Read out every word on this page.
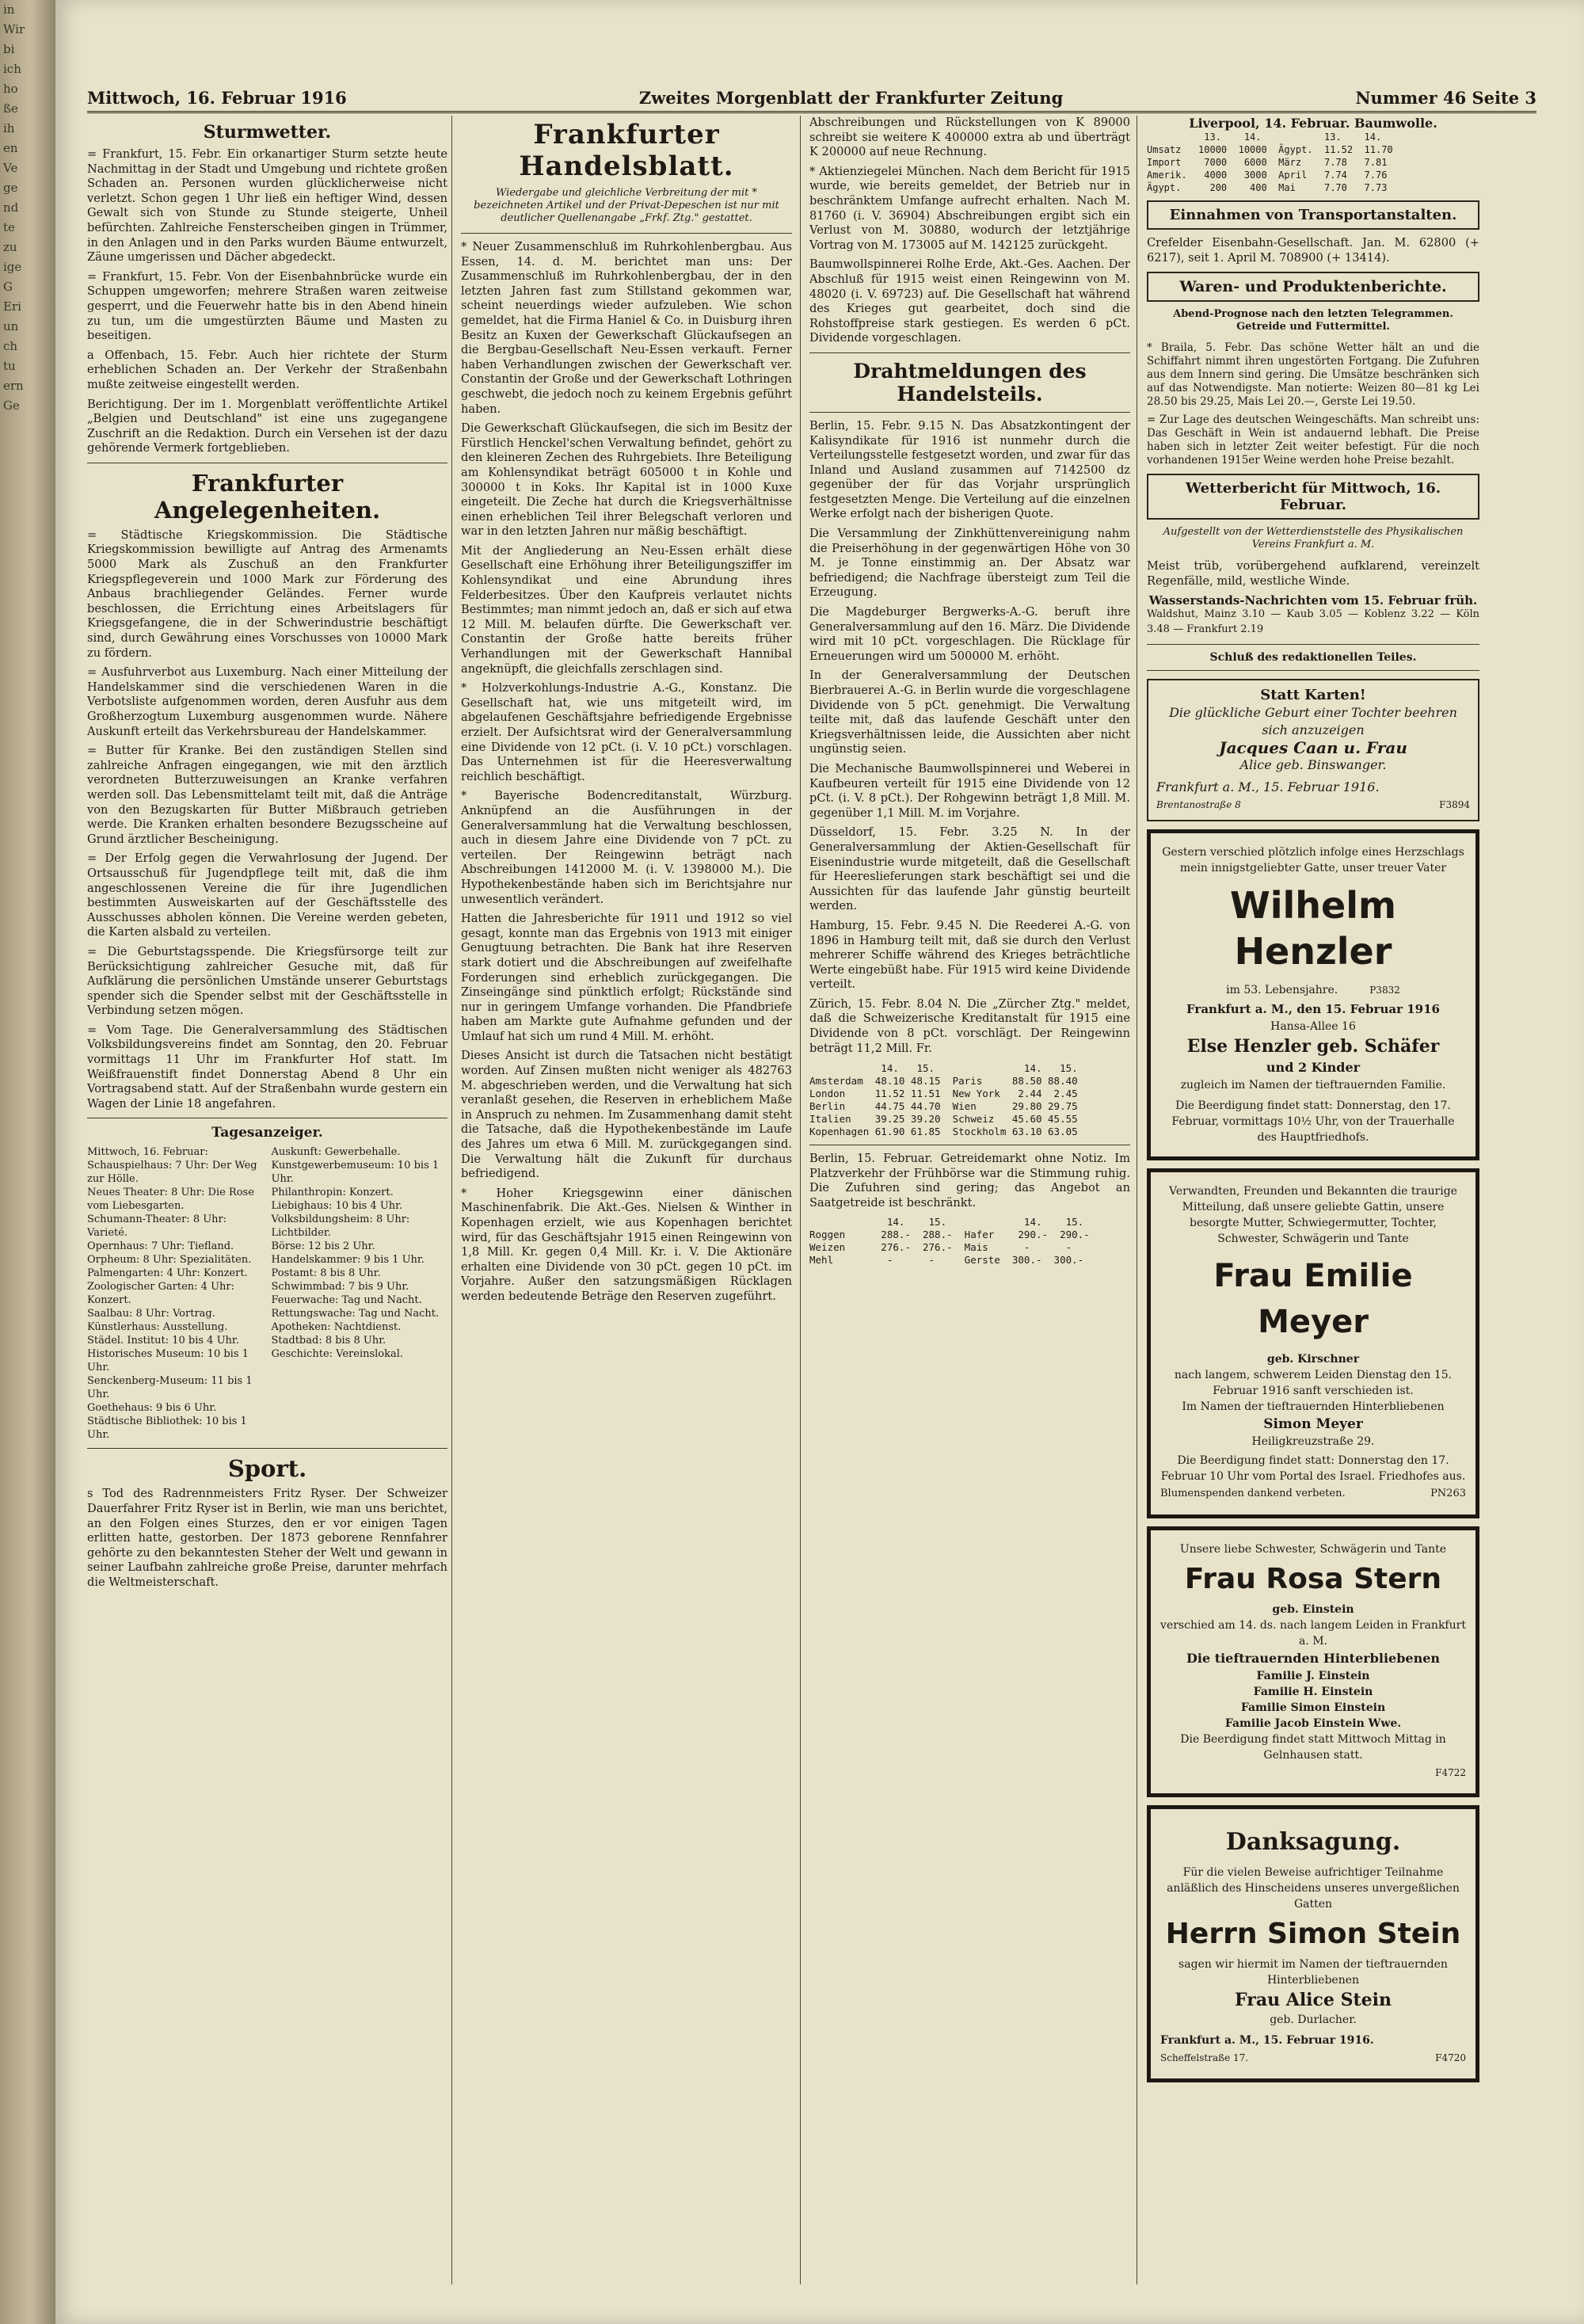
in
Wir
bi
ich
ho
ße
ih
en
Ve
ge
nd
te
zu
ige
G
Eri
un
ch
tu
ern
Ge
Mittwoch, 16. Februar 1916	Zweites Morgenblatt der Frankfurter Zeitung	Nummer 46 Seite 3
Sturmwetter.

= Frankfurt, 15. Febr. Ein orkanartiger Sturm setzte heute Nachmittag in der Stadt und Umgebung und richtete großen Schaden an. Personen wurden glücklicherweise nicht verletzt. Schon gegen 1 Uhr ließ ein heftiger Wind, dessen Gewalt sich von Stunde zu Stunde steigerte, Unheil befürchten. Zahlreiche Fensterscheiben gingen in Trümmer, in den Anlagen und in den Parks wurden Bäume entwurzelt, Zäune umgerissen und Dächer abgedeckt.

= Frankfurt, 15. Febr. Von der Eisenbahnbrücke wurde ein Schuppen umgeworfen; mehrere Straßen waren zeitweise gesperrt, und die Feuerwehr hatte bis in den Abend hinein zu tun, um die umgestürzten Bäume und Masten zu beseitigen.

a Offenbach, 15. Febr. Auch hier richtete der Sturm erheblichen Schaden an. Der Verkehr der Straßenbahn mußte zeitweise eingestellt werden.

Berichtigung. Der im 1. Morgenblatt veröffentlichte Artikel „Belgien und Deutschland" ist eine uns zugegangene Zuschrift an die Redaktion. Durch ein Versehen ist der dazu gehörende Vermerk fortgeblieben.

Frankfurter Angelegenheiten.

= Städtische Kriegskommission. Die Städtische Kriegskommission bewilligte auf Antrag des Armenamts 5000 Mark als Zuschuß an den Frankfurter Kriegspflegeverein und 1000 Mark zur Förderung des Anbaus brachliegender Geländes. Ferner wurde beschlossen, die Errichtung eines Arbeitslagers für Kriegsgefangene, die in der Schwerindustrie beschäftigt sind, durch Gewährung eines Vorschusses von 10000 Mark zu fördern.

= Ausfuhrverbot aus Luxemburg. Nach einer Mitteilung der Handelskammer sind die verschiedenen Waren in die Verbotsliste aufgenommen worden, deren Ausfuhr aus dem Großherzogtum Luxemburg ausgenommen wurde. Nähere Auskunft erteilt das Verkehrsbureau der Handelskammer.

= Butter für Kranke. Bei den zuständigen Stellen sind zahlreiche Anfragen eingegangen, wie mit den ärztlich verordneten Butterzuweisungen an Kranke verfahren werden soll. Das Lebensmittelamt teilt mit, daß die Anträge von den Bezugskarten für Butter Mißbrauch getrieben werde. Die Kranken erhalten besondere Bezugsscheine auf Grund ärztlicher Bescheinigung.

= Der Erfolg gegen die Verwahrlosung der Jugend. Der Ortsausschuß für Jugendpflege teilt mit, daß die ihm angeschlossenen Vereine die für ihre Jugendlichen bestimmten Ausweiskarten auf der Geschäftsstelle des Ausschusses abholen können. Die Vereine werden gebeten, die Karten alsbald zu verteilen.

= Die Geburtstagsspende. Die Kriegsfürsorge teilt zur Berücksichtigung zahlreicher Gesuche mit, daß für Aufklärung die persönlichen Umstände unserer Geburtstags spender sich die Spender selbst mit der Geschäftsstelle in Verbindung setzen mögen.

= Vom Tage. Die Generalversammlung des Städtischen Volksbildungsvereins findet am Sonntag, den 20. Februar vormittags 11 Uhr im Frankfurter Hof statt. Im Weißfrauenstift findet Donnerstag Abend 8 Uhr ein Vortragsabend statt. Auf der Straßenbahn wurde gestern ein Wagen der Linie 18 angefahren.

Tagesanzeiger.
Mittwoch, 16. Februar:
Schauspielhaus: 7 Uhr: Der Weg zur Hölle.
Neues Theater: 8 Uhr: Die Rose vom Liebesgarten.
Schumann-Theater: 8 Uhr: Varieté.
Opernhaus: 7 Uhr: Tiefland.
Orpheum: 8 Uhr: Spezialitäten.
Palmengarten: 4 Uhr: Konzert.
Zoologischer Garten: 4 Uhr: Konzert.
Saalbau: 8 Uhr: Vortrag.
Künstlerhaus: Ausstellung.
Städel. Institut: 10 bis 4 Uhr.
Historisches Museum: 10 bis 1 Uhr.
Senckenberg-Museum: 11 bis 1 Uhr.
Goethehaus: 9 bis 6 Uhr.
Städtische Bibliothek: 10 bis 1 Uhr.
Auskunft: Gewerbehalle.
Kunstgewerbemuseum: 10 bis 1 Uhr.
Philanthropin: Konzert.
Liebighaus: 10 bis 4 Uhr.
Volksbildungsheim: 8 Uhr: Lichtbilder.
Börse: 12 bis 2 Uhr.
Handelskammer: 9 bis 1 Uhr.
Postamt: 8 bis 8 Uhr.
Schwimmbad: 7 bis 9 Uhr.
Feuerwache: Tag und Nacht.
Rettungswache: Tag und Nacht.
Apotheken: Nachtdienst.
Stadtbad: 8 bis 8 Uhr.
Geschichte: Vereinslokal.
Sport.

s Tod des Radrennmeisters Fritz Ryser. Der Schweizer Dauerfahrer Fritz Ryser ist in Berlin, wie man uns berichtet, an den Folgen eines Sturzes, den er vor einigen Tagen erlitten hatte, gestorben. Der 1873 geborene Rennfahrer gehörte zu den bekanntesten Steher der Welt und gewann in seiner Laufbahn zahlreiche große Preise, darunter mehrfach die Weltmeisterschaft.

Frankfurter Handelsblatt.
Wiedergabe und gleichliche Verbreitung der mit * bezeichneten Artikel und der Privat-Depeschen ist nur mit deutlicher Quellenangabe „Frkf. Ztg." gestattet.

* Neuer Zusammenschluß im Ruhrkohlenbergbau. Aus Essen, 14. d. M. berichtet man uns: Der Zusammenschluß im Ruhrkohlenbergbau, der in den letzten Jahren fast zum Stillstand gekommen war, scheint neuerdings wieder aufzuleben. Wie schon gemeldet, hat die Firma Haniel & Co. in Duisburg ihren Besitz an Kuxen der Gewerkschaft Glückaufsegen an die Bergbau-Gesellschaft Neu-Essen verkauft. Ferner haben Verhandlungen zwischen der Gewerkschaft ver. Constantin der Große und der Gewerkschaft Lothringen geschwebt, die jedoch noch zu keinem Ergebnis geführt haben.

Die Gewerkschaft Glückaufsegen, die sich im Besitz der Fürstlich Henckel'schen Verwaltung befindet, gehört zu den kleineren Zechen des Ruhrgebiets. Ihre Beteiligung am Kohlensyndikat beträgt 605000 t in Kohle und 300000 t in Koks. Ihr Kapital ist in 1000 Kuxe eingeteilt. Die Zeche hat durch die Kriegsverhältnisse einen erheblichen Teil ihrer Belegschaft verloren und war in den letzten Jahren nur mäßig beschäftigt.

Mit der Angliederung an Neu-Essen erhält diese Gesellschaft eine Erhöhung ihrer Beteiligungsziffer im Kohlensyndikat und eine Abrundung ihres Felderbesitzes. Über den Kaufpreis verlautet nichts Bestimmtes; man nimmt jedoch an, daß er sich auf etwa 12 Mill. M. belaufen dürfte. Die Gewerkschaft ver. Constantin der Große hatte bereits früher Verhandlungen mit der Gewerkschaft Hannibal angeknüpft, die gleichfalls zerschlagen sind.

* Holzverkohlungs-Industrie A.-G., Konstanz. Die Gesellschaft hat, wie uns mitgeteilt wird, im abgelaufenen Geschäftsjahre befriedigende Ergebnisse erzielt. Der Aufsichtsrat wird der Generalversammlung eine Dividende von 12 pCt. (i. V. 10 pCt.) vorschlagen. Das Unternehmen ist für die Heeresverwaltung reichlich beschäftigt.

* Bayerische Bodencreditanstalt, Würzburg. Anknüpfend an die Ausführungen in der Generalversammlung hat die Verwaltung beschlossen, auch in diesem Jahre eine Dividende von 7 pCt. zu verteilen. Der Reingewinn beträgt nach Abschreibungen 1412000 M. (i. V. 1398000 M.). Die Hypothekenbestände haben sich im Berichtsjahre nur unwesentlich verändert.

Hatten die Jahresberichte für 1911 und 1912 so viel gesagt, konnte man das Ergebnis von 1913 mit einiger Genugtuung betrachten. Die Bank hat ihre Reserven stark dotiert und die Abschreibungen auf zweifelhafte Forderungen sind erheblich zurückgegangen. Die Zinseingänge sind pünktlich erfolgt; Rückstände sind nur in geringem Umfange vorhanden. Die Pfandbriefe haben am Markte gute Aufnahme gefunden und der Umlauf hat sich um rund 4 Mill. M. erhöht.

Dieses Ansicht ist durch die Tatsachen nicht bestätigt worden. Auf Zinsen mußten nicht weniger als 482763 M. abgeschrieben werden, und die Verwaltung hat sich veranlaßt gesehen, die Reserven in erheblichem Maße in Anspruch zu nehmen. Im Zusammenhang damit steht die Tatsache, daß die Hypothekenbestände im Laufe des Jahres um etwa 6 Mill. M. zurückgegangen sind. Die Verwaltung hält die Zukunft für durchaus befriedigend.

* Hoher Kriegsgewinn einer dänischen Maschinenfabrik. Die Akt.-Ges. Nielsen & Winther in Kopenhagen erzielt, wie aus Kopenhagen berichtet wird, für das Geschäftsjahr 1915 einen Reingewinn von 1,8 Mill. Kr. gegen 0,4 Mill. Kr. i. V. Die Aktionäre erhalten eine Dividende von 30 pCt. gegen 10 pCt. im Vorjahre. Außer den satzungsmäßigen Rücklagen werden bedeutende Beträge den Reserven zugeführt.

Abschreibungen und Rückstellungen von K 89000 schreibt sie weitere K 400000 extra ab und überträgt K 200000 auf neue Rechnung.

* Aktienziegelei München. Nach dem Bericht für 1915 wurde, wie bereits gemeldet, der Betrieb nur in beschränktem Umfange aufrecht erhalten. Nach M. 81760 (i. V. 36904) Abschreibungen ergibt sich ein Verlust von M. 30880, wodurch der letztjährige Vortrag von M. 173005 auf M. 142125 zurückgeht.

Baumwollspinnerei Rolhe Erde, Akt.-Ges. Aachen. Der Abschluß für 1915 weist einen Reingewinn von M. 48020 (i. V. 69723) auf. Die Gesellschaft hat während des Krieges gut gearbeitet, doch sind die Rohstoffpreise stark gestiegen. Es werden 6 pCt. Dividende vorgeschlagen.

Drahtmeldungen des Handelsteils.

Berlin, 15. Febr. 9.15 N. Das Absatzkontingent der Kalisyndikate für 1916 ist nunmehr durch die Verteilungsstelle festgesetzt worden, und zwar für das Inland und Ausland zusammen auf 7142500 dz gegenüber der für das Vorjahr ursprünglich festgesetzten Menge. Die Verteilung auf die einzelnen Werke erfolgt nach der bisherigen Quote.

Die Versammlung der Zinkhüttenvereinigung nahm die Preiserhöhung in der gegenwärtigen Höhe von 30 M. je Tonne einstimmig an. Der Absatz war befriedigend; die Nachfrage übersteigt zum Teil die Erzeugung.

Die Magdeburger Bergwerks-A.-G. beruft ihre Generalversammlung auf den 16. März. Die Dividende wird mit 10 pCt. vorgeschlagen. Die Rücklage für Erneuerungen wird um 500000 M. erhöht.

In der Generalversammlung der Deutschen Bierbrauerei A.-G. in Berlin wurde die vorgeschlagene Dividende von 5 pCt. genehmigt. Die Verwaltung teilte mit, daß das laufende Geschäft unter den Kriegsverhältnissen leide, die Aussichten aber nicht ungünstig seien.

Die Mechanische Baumwollspinnerei und Weberei in Kaufbeuren verteilt für 1915 eine Dividende von 12 pCt. (i. V. 8 pCt.). Der Rohgewinn beträgt 1,8 Mill. M. gegenüber 1,1 Mill. M. im Vorjahre.

Düsseldorf, 15. Febr. 3.25 N. In der Generalversammlung der Aktien-Gesellschaft für Eisenindustrie wurde mitgeteilt, daß die Gesellschaft für Heereslieferungen stark beschäftigt sei und die Aussichten für das laufende Jahr günstig beurteilt werden.

Hamburg, 15. Febr. 9.45 N. Die Reederei A.-G. von 1896 in Hamburg teilt mit, daß sie durch den Verlust mehrerer Schiffe während des Krieges beträchtliche Werte eingebüßt habe. Für 1915 wird keine Dividende verteilt.

Zürich, 15. Febr. 8.04 N. Die „Zürcher Ztg." meldet, daß die Schweizerische Kreditanstalt für 1915 eine Dividende von 8 pCt. vorschlägt. Der Reingewinn beträgt 11,2 Mill. Fr.

14.   15.               14.   15.
Amsterdam  48.10 48.15  Paris     88.50 88.40
London     11.52 11.51  New York   2.44  2.45
Berlin     44.75 44.70  Wien      29.80 29.75
Italien    39.25 39.20  Schweiz   45.60 45.55
Kopenhagen 61.90 61.85  Stockholm 63.10 63.05

Berlin, 15. Februar. Getreidemarkt ohne Notiz. Im Platzverkehr der Frühbörse war die Stimmung ruhig. Die Zufuhren sind gering; das Angebot an Saatgetreide ist beschränkt.

14.    15.             14.    15.
Roggen      288.-  288.-  Hafer    290.-  290.-
Weizen      276.-  276.-  Mais      -      -
Mehl         -      -     Gerste  300.-  300.-
Liverpool, 14. Februar. Baumwolle.
13.    14.           13.    14.
Umsatz   10000  10000  Ägypt.  11.52  11.70
Import    7000   6000  März    7.78   7.81
Amerik.   4000   3000  April   7.74   7.76
Ägypt.     200    400  Mai     7.70   7.73
Einnahmen von Transportanstalten.

Crefelder Eisenbahn-Gesellschaft. Jan. M. 62800 (+ 6217), seit 1. April M. 708900 (+ 13414).

Waren- und Produktenberichte.
Abend-Prognose nach den letzten Telegrammen. Getreide und Futtermittel.

* Braila, 5. Febr. Das schöne Wetter hält an und die Schiffahrt nimmt ihren ungestörten Fortgang. Die Zufuhren aus dem Innern sind gering. Die Umsätze beschränken sich auf das Notwendigste. Man notierte: Weizen 80—81 kg Lei 28.50 bis 29.25, Mais Lei 20.—, Gerste Lei 19.50.

= Zur Lage des deutschen Weingeschäfts. Man schreibt uns: Das Geschäft in Wein ist andauernd lebhaft. Die Preise haben sich in letzter Zeit weiter befestigt. Für die noch vorhandenen 1915er Weine werden hohe Preise bezahlt.

Wetterbericht für Mittwoch, 16. Februar.
Aufgestellt von der Wetterdienststelle des Physikalischen Vereins Frankfurt a. M.

Meist trüb, vorübergehend aufklarend, vereinzelt Regenfälle, mild, westliche Winde.

Wasserstands-Nachrichten vom 15. Februar früh.

Waldshut, Mainz 3.10 — Kaub 3.05 — Koblenz 3.22 — Köln 3.48 — Frankfurt 2.19

Schluß des redaktionellen Teiles.
Statt Karten!
Die glückliche Geburt einer Tochter beehren sich anzuzeigen
Jacques Caan u. Frau
Alice geb. Binswanger.
Frankfurt a. M., 15. Februar 1916.
Brentanostraße 8	F3894
Gestern verschied plötzlich infolge eines Herzschlags mein innigstgeliebter Gatte, unser treuer Vater
Wilhelm Henzler
im 53. Lebensjahre.	P3832
Frankfurt a. M., den 15. Februar 1916
Hansa-Allee 16
Else Henzler geb. Schäfer
und 2 Kinder
zugleich im Namen der tieftrauernden Familie.
Die Beerdigung findet statt: Donnerstag, den 17. Februar, vormittags 10½ Uhr, von der Trauerhalle des Hauptfriedhofs.
Verwandten, Freunden und Bekannten die traurige Mitteilung, daß unsere geliebte Gattin, unsere besorgte Mutter, Schwiegermutter, Tochter, Schwester, Schwägerin und Tante
Frau Emilie Meyer
geb. Kirschner
nach langem, schwerem Leiden Dienstag den 15. Februar 1916 sanft verschieden ist.
Im Namen der tieftrauernden Hinterbliebenen
Simon Meyer
Heiligkreuzstraße 29.
Die Beerdigung findet statt: Donnerstag den 17. Februar 10 Uhr vom Portal des Israel. Friedhofes aus.
Blumenspenden dankend verbeten.	PN263
Unsere liebe Schwester, Schwägerin und Tante
Frau Rosa Stern
geb. Einstein
verschied am 14. ds. nach langem Leiden in Frankfurt a. M.
Die tieftrauernden Hinterbliebenen
Familie J. Einstein
Familie H. Einstein
Familie Simon Einstein
Familie Jacob Einstein Wwe.
Die Beerdigung findet statt Mittwoch Mittag in Gelnhausen statt.
F4722
Danksagung.
Für die vielen Beweise aufrichtiger Teilnahme anläßlich des Hinscheidens unseres unvergeßlichen Gatten
Herrn Simon Stein
sagen wir hiermit im Namen der tieftrauernden Hinterbliebenen
Frau Alice Stein
geb. Durlacher.
Frankfurt a. M., 15. Februar 1916.
Scheffelstraße 17.	F4720
